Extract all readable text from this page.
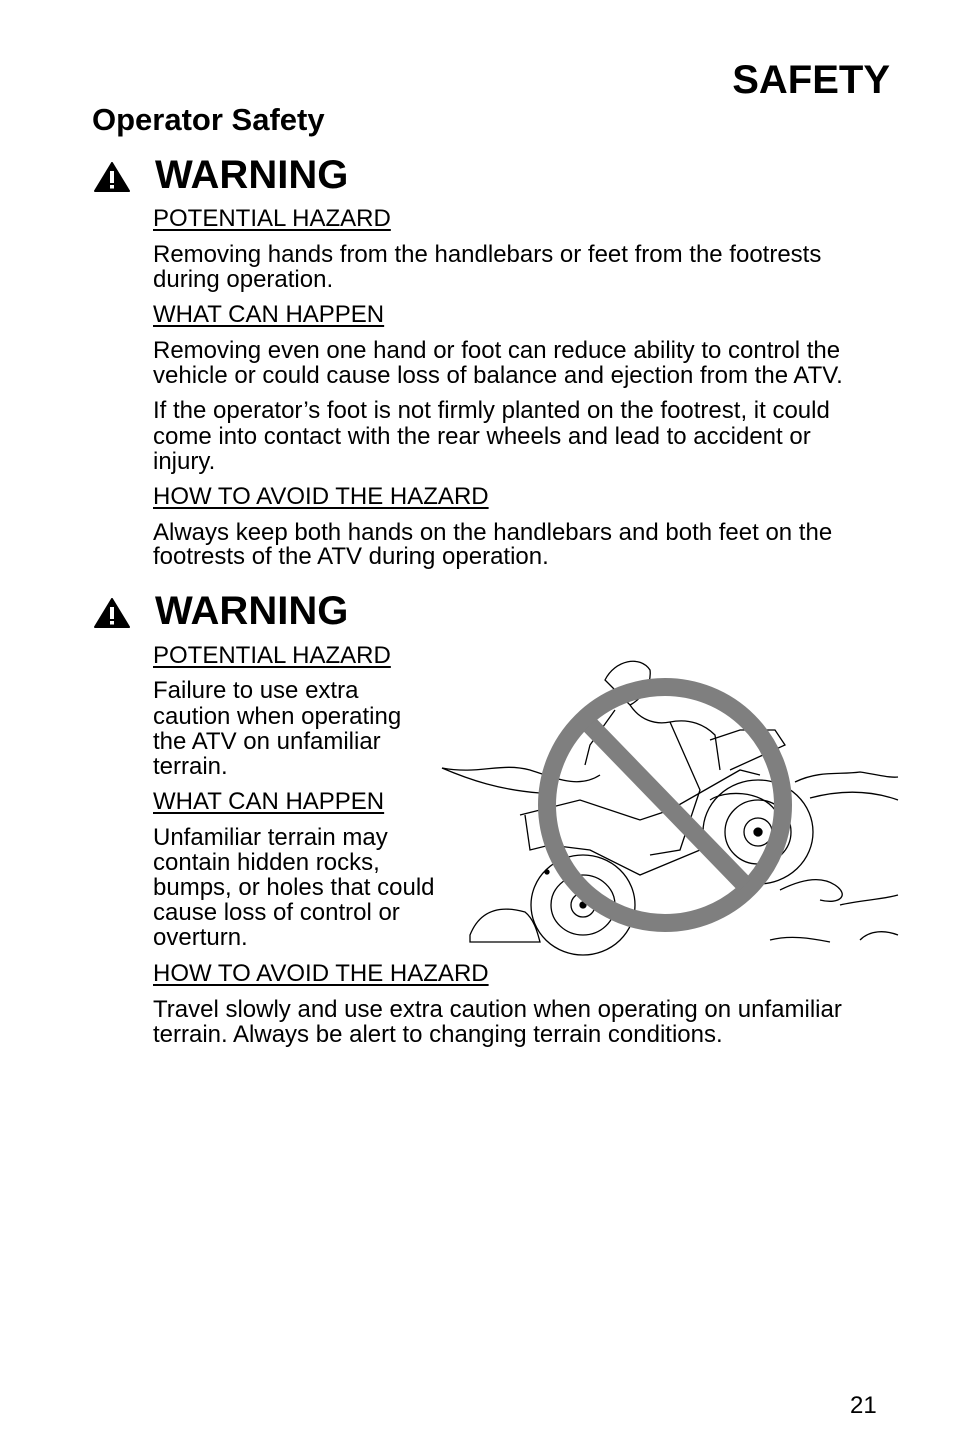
SAFETY
Operator Safety
WARNING
POTENTIAL HAZARD
Removing hands from the handlebars or feet from the footrests
during operation.
WHAT CAN HAPPEN
Removing even one hand or foot can reduce ability to control the
vehicle or could cause loss of balance and ejection from the ATV.
If the operator’s foot is not firmly planted on the footrest, it could
come into contact with the rear wheels and lead to accident or
injury.
HOW TO AVOID THE HAZARD
Always keep both hands on the handlebars and both feet on the
footrests of the ATV during operation.
WARNING
POTENTIAL HAZARD
Failure to use extra
caution when operating
the ATV on unfamiliar
terrain.
WHAT CAN HAPPEN
Unfamiliar terrain may
contain hidden rocks,
bumps, or holes that could
cause loss of control or
overturn.
HOW TO AVOID THE HAZARD
Travel slowly and use extra caution when operating on unfamiliar
terrain. Always be alert to changing terrain conditions.
21
